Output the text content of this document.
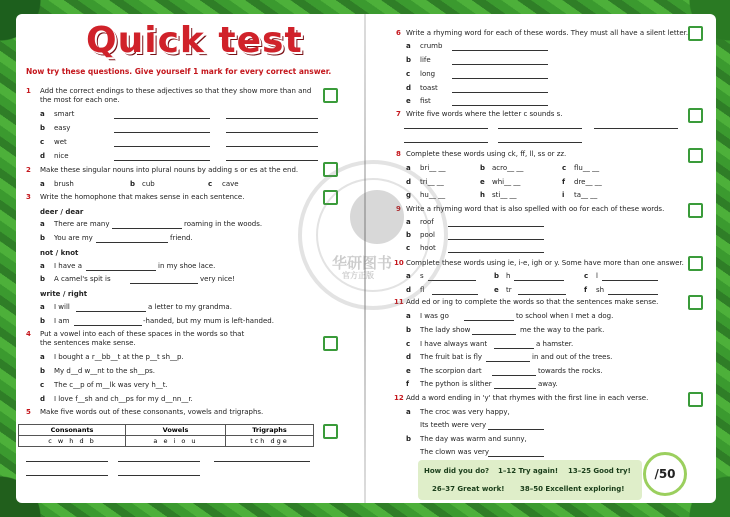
Quick test
Now try these questions. Give yourself 1 mark for every correct answer.
1 Add the correct endings to these adjectives so that they show more than and
the most for each one.
a smart
b easy
c wet
d nice
2 Make these singular nouns into plural nouns by adding s or es at the end.
a brush	b cub	c cave
3 Write the homophone that makes sense in each sentence.
deer / dear
a There are many	roaming in the woods.
b You are my	friend.
not / knot
a I have a	in my shoe lace.
b A camel's spit is	very nice!
write / right
a I will	a letter to my grandma.
b I am	-handed, but my mum is left-handed.
4 Put a vowel into each of these spaces in the words so that
the sentences make sense.
a I bought a r__bb__t at the p__t sh__p.
b My d__d w__nt to the sh__ps.
c The c__p of m__lk was very h__t.
d I love f__sh and ch__ps for my d__nn__r.
5 Make five words out of these consonants, vowels and trigraphs.
Consonants	Vowels	Trigraphs
c w h d b	a e i o u	tch dge
6 Write a rhyming word for each of these words. They must all have a silent letter.
a crumb
b life
c long
d toast
e fist
7 Write five words where the letter c sounds s.
8 Complete these words using ck, ff, ll, ss or zz.
a bri__ __	b acro__ __	c flu__ __
d tri__ __	e whi__ __	f dre__ __
g hu__ __	h sti__ __	i ta__ __
9 Write a rhyming word that is also spelled with oo for each of these words.
a roof
b pool
c hoot
10 Complete these words using ie, i-e, igh or y. Some have more than one answer.
a s	b h	c l
d fl	e tr	f sh
11 Add ed or ing to complete the words so that the sentences make sense.
a I was go	to school when I met a dog.
b The lady show	me the way to the park.
c I have always want	a hamster.
d The fruit bat is fly	in and out of the trees.
e The scorpion dart	towards the rocks.
f The python is slither	away.
12 Add a word ending in 'y' that rhymes with the first line in each verse.
a The croc was very happy,
Its teeth were very
b The day was warm and sunny,
The clown was very
How did you do? 1–12 Try again! 13–25 Good try!
26–37 Great work! 38–50 Excellent exploring!
/50
26	27
华研图书
官方正版
